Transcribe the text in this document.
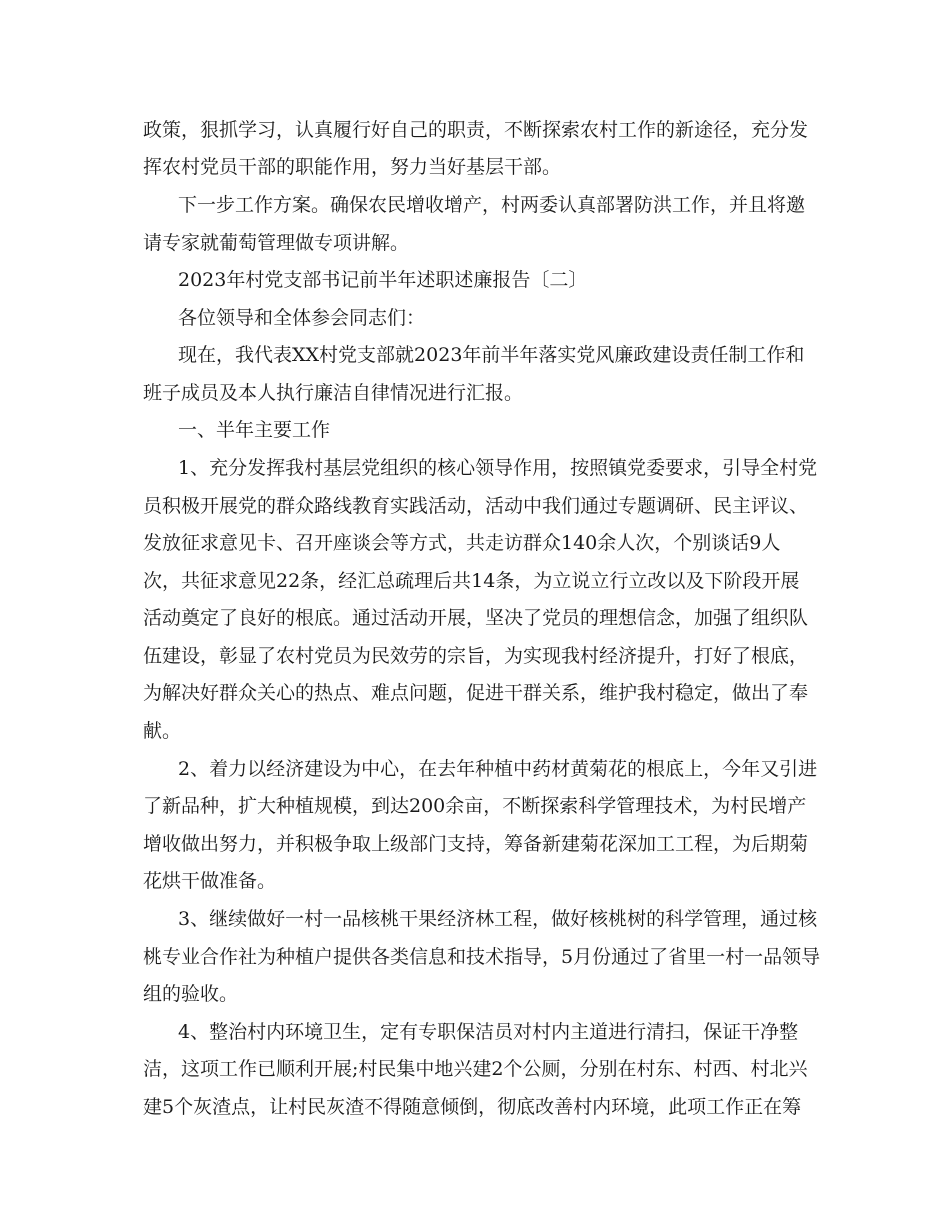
政策，狠抓学习，认真履行好自己的职责，不断探索农村工作的新途径，充分发

挥农村党员干部的职能作用，努力当好基层干部。

下一步工作方案。确保农民增收增产，村两委认真部署防洪工作，并且将邀

请专家就葡萄管理做专项讲解。

2023年村党支部书记前半年述职述廉报告〔二〕

各位领导和全体参会同志们：

现在，我代表XX村党支部就2023年前半年落实党风廉政建设责任制工作和

班子成员及本人执行廉洁自律情况进行汇报。

一、半年主要工作

1、充分发挥我村基层党组织的核心领导作用，按照镇党委要求，引导全村党

员积极开展党的群众路线教育实践活动，活动中我们通过专题调研、民主评议、

发放征求意见卡、召开座谈会等方式，共走访群众140余人次，个别谈话9人

次，共征求意见22条，经汇总疏理后共14条，为立说立行立改以及下阶段开展

活动奠定了良好的根底。通过活动开展，坚决了党员的理想信念，加强了组织队

伍建设，彰显了农村党员为民效劳的宗旨，为实现我村经济提升，打好了根底，

为解决好群众关心的热点、难点问题，促进干群关系，维护我村稳定，做出了奉

献。

2、着力以经济建设为中心，在去年种植中药材黄菊花的根底上，今年又引进

了新品种，扩大种植规模，到达200余亩，不断探索科学管理技术，为村民增产

增收做出努力，并积极争取上级部门支持，筹备新建菊花深加工工程，为后期菊

花烘干做准备。

3、继续做好一村一品核桃干果经济林工程，做好核桃树的科学管理，通过核

桃专业合作社为种植户提供各类信息和技术指导，5月份通过了省里一村一品领导

组的验收。

4、整治村内环境卫生，定有专职保洁员对村内主道进行清扫，保证干净整

洁，这项工作已顺利开展;村民集中地兴建2个公厕，分别在村东、村西、村北兴

建5个灰渣点，让村民灰渣不得随意倾倒，彻底改善村内环境，此项工作正在筹
